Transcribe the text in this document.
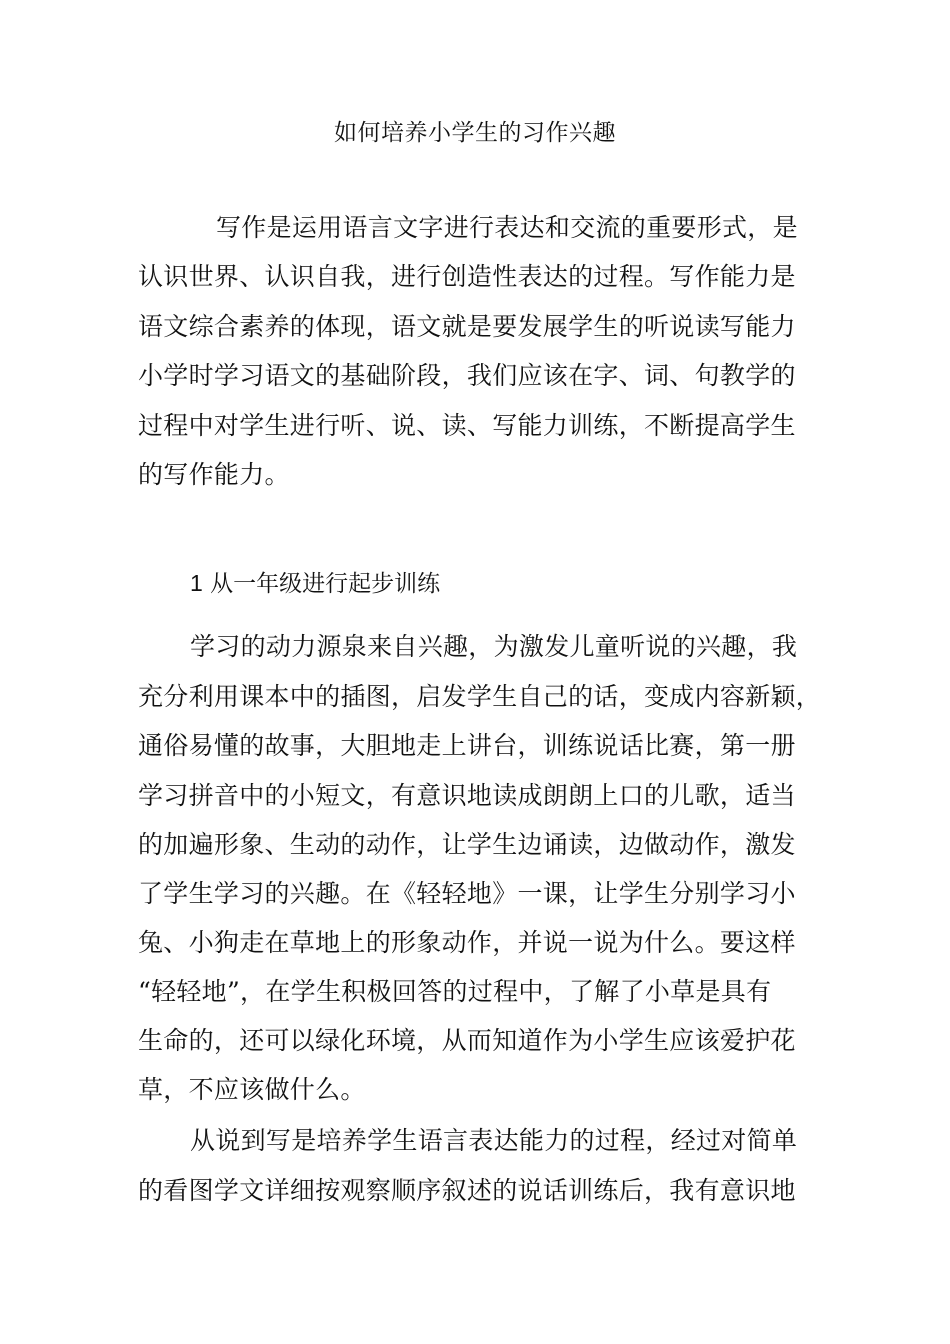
如何培养小学生的习作兴趣
写作是运用语言文字进行表达和交流的重要形式，是
认识世界、认识自我，进行创造性表达的过程。写作能力是
语文综合素养的体现，语文就是要发展学生的听说读写能力
小学时学习语文的基础阶段，我们应该在字、词、句教学的
过程中对学生进行听、说、读、写能力训练，不断提高学生
的写作能力。
1 从一年级进行起步训练
学习的动力源泉来自兴趣，为激发儿童听说的兴趣，我
充分利用课本中的插图，启发学生自己的话，变成内容新颖，
通俗易懂的故事，大胆地走上讲台，训练说话比赛，第一册
学习拼音中的小短文，有意识地读成朗朗上口的儿歌，适当
的加遍形象、生动的动作，让学生边诵读，边做动作，激发
了学生学习的兴趣。在《轻轻地》一课，让学生分别学习小
兔、小狗走在草地上的形象动作，并说一说为什么。要这样
“轻轻地”，在学生积极回答的过程中，了解了小草是具有
生命的，还可以绿化环境，从而知道作为小学生应该爱护花
草，不应该做什么。
从说到写是培养学生语言表达能力的过程，经过对简单
的看图学文详细按观察顺序叙述的说话训练后，我有意识地
